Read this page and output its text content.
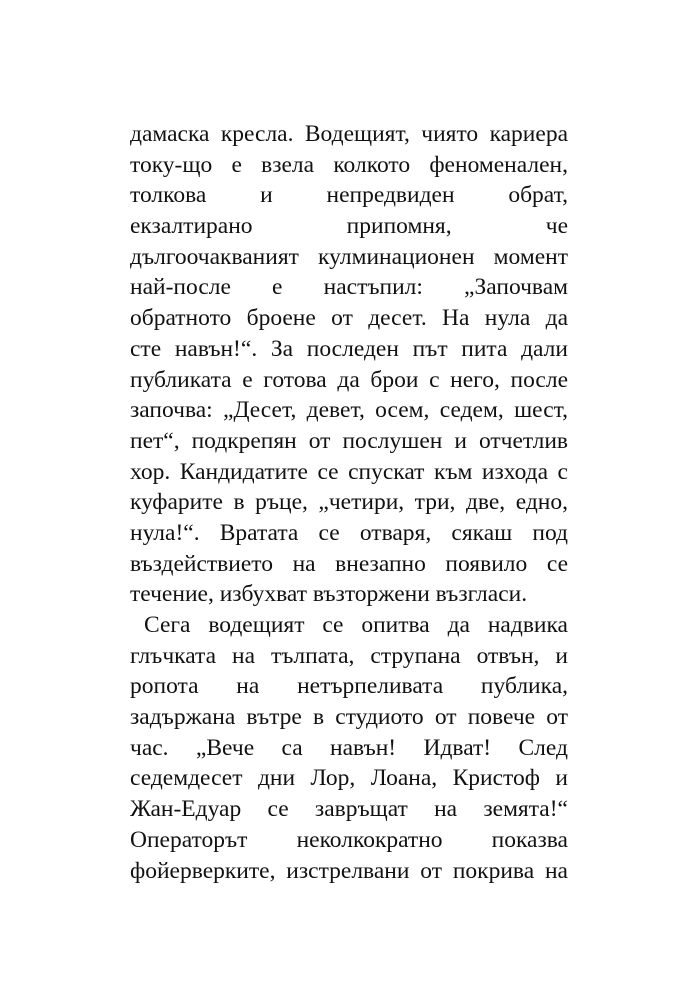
дамаска кресла. Водещият, чиято кариера
току-що е взела колкото феноменален,
толкова и непредвиден обрат,
екзалтирано припомня, че
дългоочакваният кулминационен момент
най-после е настъпил: „Започвам
обратното броене от десет. На нула да
сте навън!“. За последен път пита дали
публиката е готова да брои с него, после
започва: „Десет, девет, осем, седем, шест,
пет“, подкрепян от послушен и отчетлив
хор. Кандидатите се спускат към изхода с
куфарите в ръце, „четири, три, две, едно,
нула!“. Вратата се отваря, сякаш под
въздействието на внезапно появило се
течение, избухват възторжени възгласи.
Сега водещият се опитва да надвика
глъчката на тълпата, струпана отвън, и
ропота на нетърпеливата публика,
задържана вътре в студиото от повече от
час. „Вече са навън! Идват! След
седемдесет дни Лор, Лоана, Кристоф и
Жан-Едуар се завръщат на земята!“
Операторът неколкократно показва
фойерверките, изстрелвани от покрива на
